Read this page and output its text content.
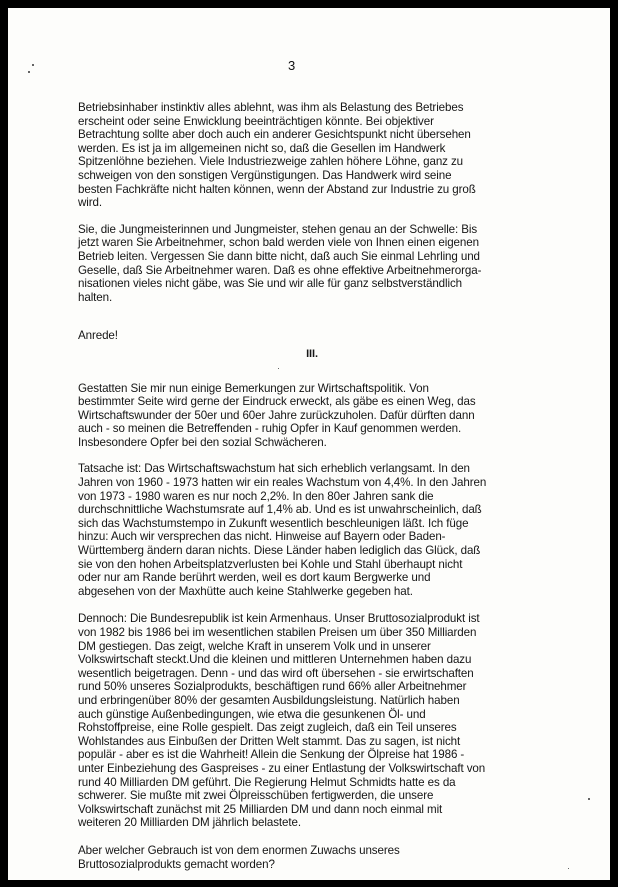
3

Betriebsinhaber instinktiv alles ablehnt, was ihm als Belastung des Betriebes
erscheint oder seine Enwicklung beeinträchtigen könnte. Bei objektiver
Betrachtung sollte aber doch auch ein anderer Gesichtspunkt nicht übersehen
werden. Es ist ja im allgemeinen nicht so, daß die Gesellen im Handwerk
Spitzenlöhne beziehen. Viele Industriezweige zahlen höhere Löhne, ganz zu
schweigen von den sonstigen Vergünstigungen. Das Handwerk wird seine
besten Fachkräfte nicht halten können, wenn der Abstand zur Industrie zu groß
wird.

Sie, die Jungmeisterinnen und Jungmeister, stehen genau an der Schwelle: Bis
jetzt waren Sie Arbeitnehmer, schon bald werden viele von Ihnen einen eigenen
Betrieb leiten. Vergessen Sie dann bitte nicht, daß auch Sie einmal Lehrling und
Geselle, daß Sie Arbeitnehmer waren. Daß es ohne effektive Arbeitnehmerorga-
nisationen vieles nicht gäbe, was Sie und wir alle für ganz selbstverständlich
halten.

Anrede!

III.

Gestatten Sie mir nun einige Bemerkungen zur Wirtschaftspolitik. Von
bestimmter Seite wird gerne der Eindruck erweckt, als gäbe es einen Weg, das
Wirtschaftswunder der 50er und 60er Jahre zurückzuholen. Dafür dürften dann
auch - so meinen die Betreffenden - ruhig Opfer in Kauf genommen werden.
Insbesondere Opfer bei den sozial Schwächeren.

Tatsache ist: Das Wirtschaftswachstum hat sich erheblich verlangsamt. In den
Jahren von 1960 - 1973 hatten wir ein reales Wachstum von 4,4%. In den Jahren
von 1973 - 1980 waren es nur noch 2,2%. In den 80er Jahren sank die
durchschnittliche Wachstumsrate auf 1,4% ab. Und es ist unwahrscheinlich, daß
sich das Wachstumstempo in Zukunft wesentlich beschleunigen läßt. Ich füge
hinzu: Auch wir versprechen das nicht. Hinweise auf Bayern oder Baden-
Württemberg ändern daran nichts. Diese Länder haben lediglich das Glück, daß
sie von den hohen Arbeitsplatzverlusten bei Kohle und Stahl überhaupt nicht
oder nur am Rande berührt werden, weil es dort kaum Bergwerke und
abgesehen von der Maxhütte auch keine Stahlwerke gegeben hat.

Dennoch: Die Bundesrepublik ist kein Armenhaus. Unser Bruttosozialprodukt ist
von 1982 bis 1986 bei im wesentlichen stabilen Preisen um über 350 Milliarden
DM gestiegen. Das zeigt, welche Kraft in unserem Volk und in unserer
Volkswirtschaft steckt.Und die kleinen und mittleren Unternehmen haben dazu
wesentlich beigetragen. Denn - und das wird oft übersehen - sie erwirtschaften
rund 50% unseres Sozialprodukts, beschäftigen rund 66% aller Arbeitnehmer
und erbringenüber 80% der gesamten Ausbildungsleistung. Natürlich haben
auch günstige Außenbedingungen, wie etwa die gesunkenen Öl- und
Rohstoffpreise, eine Rolle gespielt. Das zeigt zugleich, daß ein Teil unseres
Wohlstandes aus Einbußen der Dritten Welt stammt. Das zu sagen, ist nicht
populär - aber es ist die Wahrheit! Allein die Senkung der Ölpreise hat 1986 -
unter Einbeziehung des Gaspreises - zu einer Entlastung der Volkswirtschaft von
rund 40 Milliarden DM geführt. Die Regierung Helmut Schmidts hatte es da
schwerer. Sie mußte mit zwei Ölpreisschüben fertigwerden, die unsere
Volkswirtschaft zunächst mit 25 Milliarden DM und dann noch einmal mit
weiteren 20 Milliarden DM jährlich belastete.

Aber welcher Gebrauch ist von dem enormen Zuwachs unseres
Bruttosozialprodukts gemacht worden?
